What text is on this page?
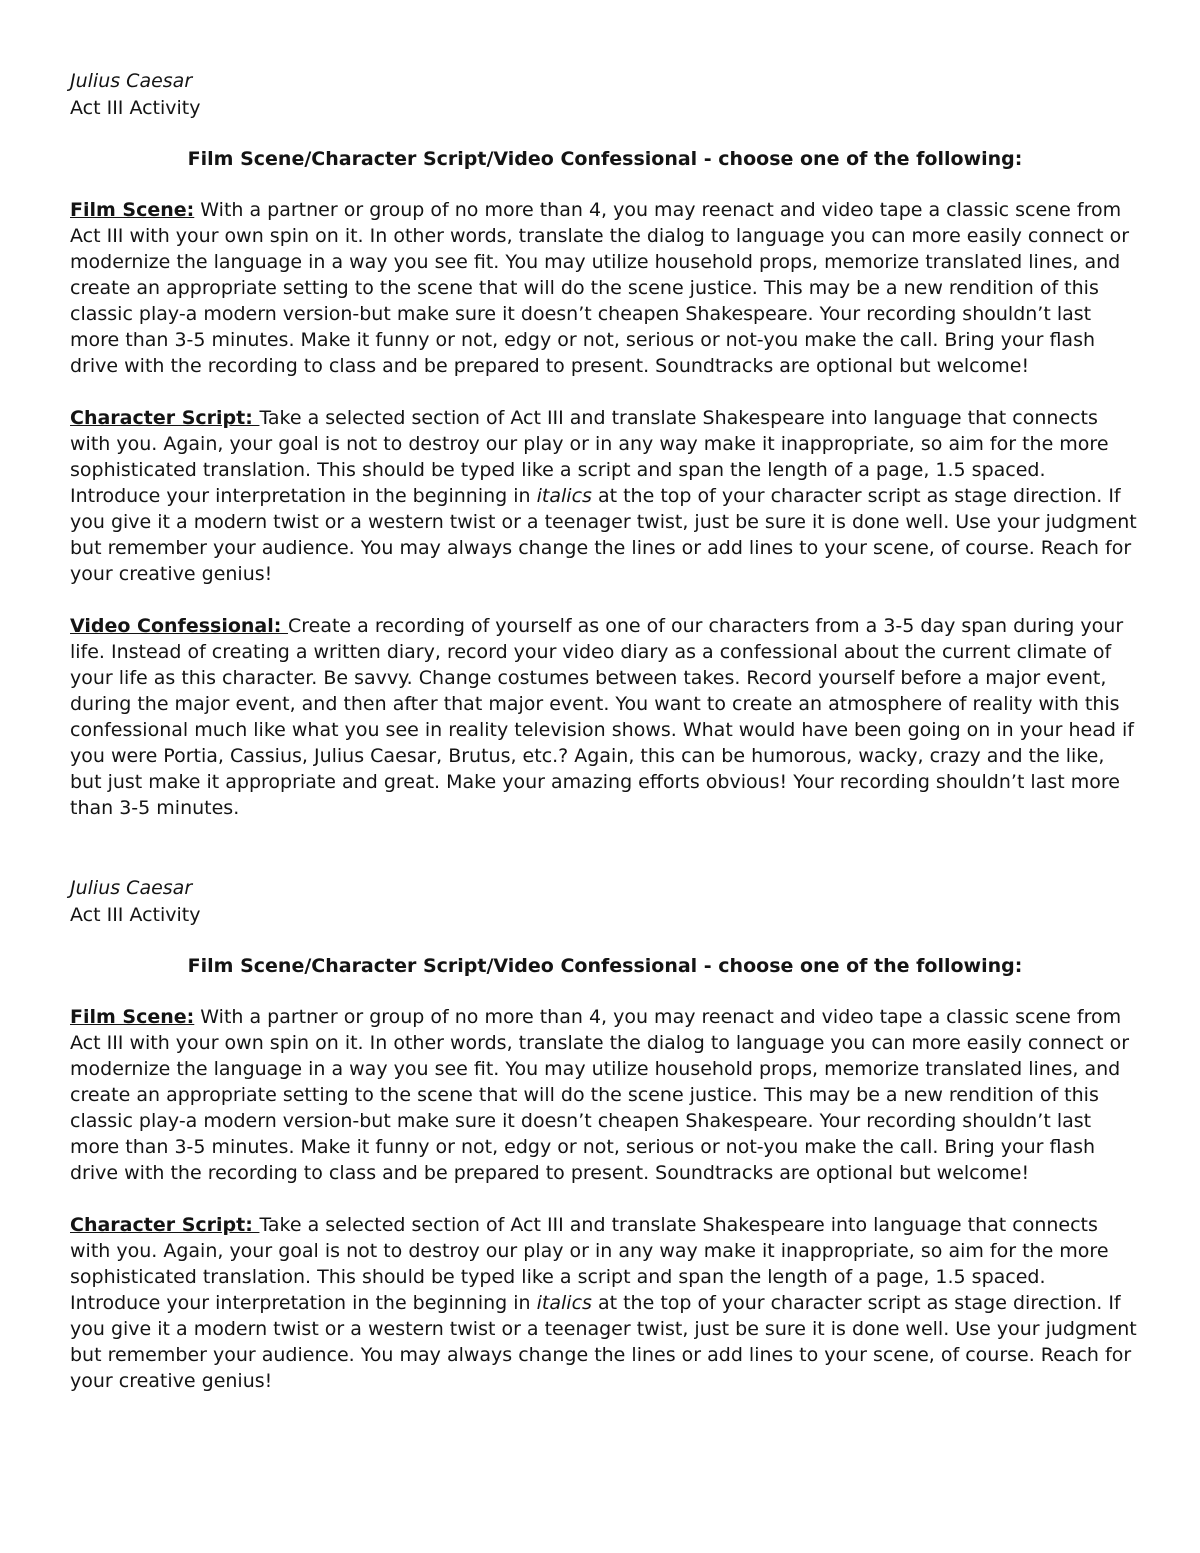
Julius Caesar

Act III Activity

Film Scene/Character Script/Video Confessional - choose one of the following:

Film Scene: With a partner or group of no more than 4, you may reenact and video tape a classic scene from Act III with your own spin on it. In other words, translate the dialog to language you can more easily connect or modernize the language in a way you see fit. You may utilize household props, memorize translated lines, and create an appropriate setting to the scene that will do the scene justice. This may be a new rendition of this classic play-a modern version-but make sure it doesn’t cheapen Shakespeare. Your recording shouldn’t last more than 3-5 minutes. Make it funny or not, edgy or not, serious or not-you make the call. Bring your flash drive with the recording to class and be prepared to present. Soundtracks are optional but welcome!

Character Script: Take a selected section of Act III and translate Shakespeare into language that connects with you. Again, your goal is not to destroy our play or in any way make it inappropriate, so aim for the more sophisticated translation. This should be typed like a script and span the length of a page, 1.5 spaced. Introduce your interpretation in the beginning in italics at the top of your character script as stage direction. If you give it a modern twist or a western twist or a teenager twist, just be sure it is done well. Use your judgment but remember your audience. You may always change the lines or add lines to your scene, of course. Reach for your creative genius!

Video Confessional: Create a recording of yourself as one of our characters from a 3-5 day span during your life. Instead of creating a written diary, record your video diary as a confessional about the current climate of your life as this character. Be savvy. Change costumes between takes. Record yourself before a major event, during the major event, and then after that major event. You want to create an atmosphere of reality with this confessional much like what you see in reality television shows. What would have been going on in your head if you were Portia, Cassius, Julius Caesar, Brutus, etc.? Again, this can be humorous, wacky, crazy and the like, but just make it appropriate and great. Make your amazing efforts obvious! Your recording shouldn’t last more than 3-5 minutes.

Julius Caesar

Act III Activity

Film Scene/Character Script/Video Confessional - choose one of the following:

Film Scene: With a partner or group of no more than 4, you may reenact and video tape a classic scene from Act III with your own spin on it. In other words, translate the dialog to language you can more easily connect or modernize the language in a way you see fit. You may utilize household props, memorize translated lines, and create an appropriate setting to the scene that will do the scene justice. This may be a new rendition of this classic play-a modern version-but make sure it doesn’t cheapen Shakespeare. Your recording shouldn’t last more than 3-5 minutes. Make it funny or not, edgy or not, serious or not-you make the call. Bring your flash drive with the recording to class and be prepared to present. Soundtracks are optional but welcome!

Character Script: Take a selected section of Act III and translate Shakespeare into language that connects with you. Again, your goal is not to destroy our play or in any way make it inappropriate, so aim for the more sophisticated translation. This should be typed like a script and span the length of a page, 1.5 spaced. Introduce your interpretation in the beginning in italics at the top of your character script as stage direction. If you give it a modern twist or a western twist or a teenager twist, just be sure it is done well. Use your judgment but remember your audience. You may always change the lines or add lines to your scene, of course. Reach for your creative genius!
